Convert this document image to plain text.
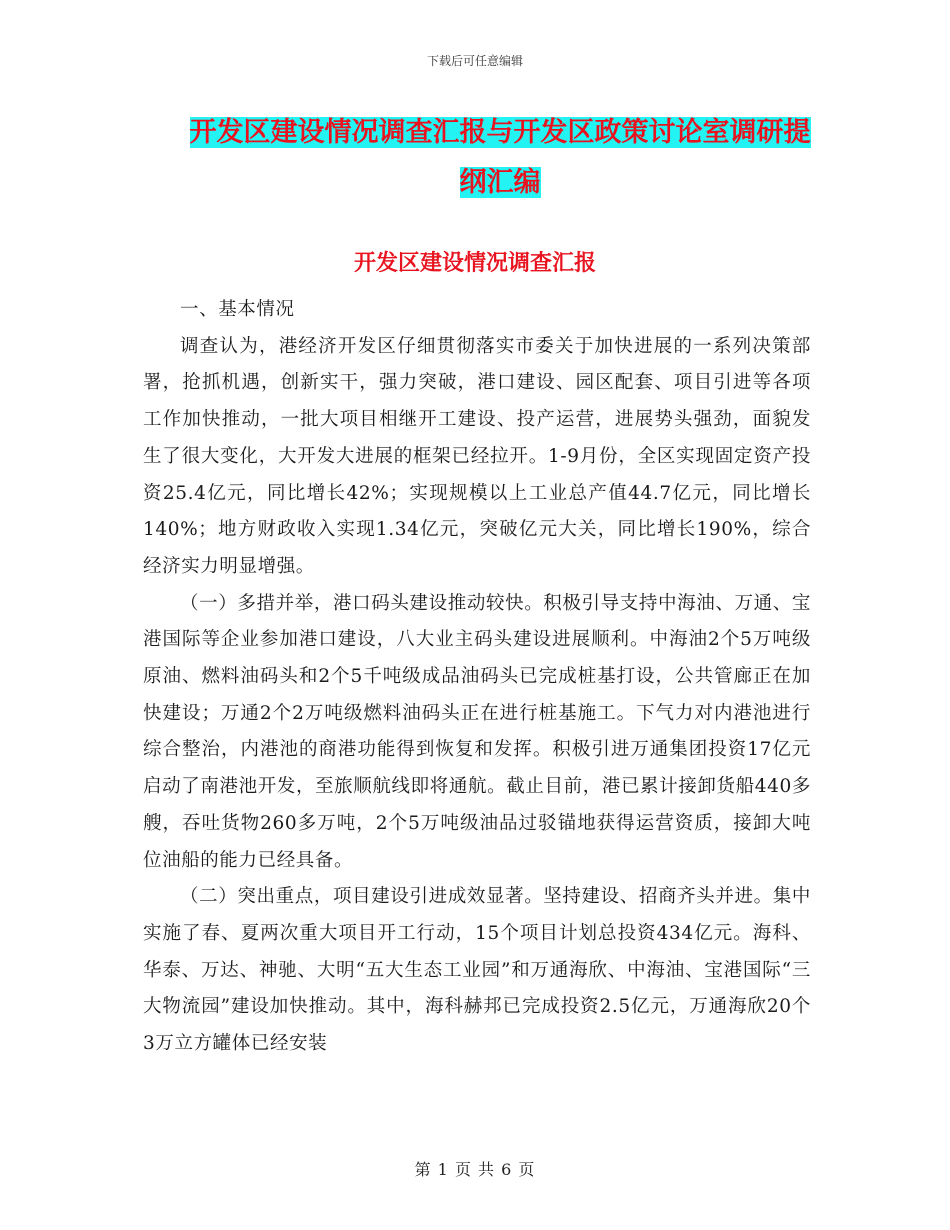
下载后可任意编辑
开发区建设情况调查汇报与开发区政策讨论室调研提
纲汇编
开发区建设情况调查汇报

一、基本情况

调查认为，港经济开发区仔细贯彻落实市委关于加快进展的一系列决策部署，抢抓机遇，创新实干，强力突破，港口建设、园区配套、项目引进等各项工作加快推动，一批大项目相继开工建设、投产运营，进展势头强劲，面貌发生了很大变化，大开发大进展的框架已经拉开。1-9月份，全区实现固定资产投资25.4亿元，同比增长42%；实现规模以上工业总产值44.7亿元，同比增长140%；地方财政收入实现1.34亿元，突破亿元大关，同比增长190%，综合经济实力明显增强。

（一）多措并举，港口码头建设推动较快。积极引导支持中海油、万通、宝港国际等企业参加港口建设，八大业主码头建设进展顺利。中海油2个5万吨级原油、燃料油码头和2个5千吨级成品油码头已完成桩基打设，公共管廊正在加快建设；万通2个2万吨级燃料油码头正在进行桩基施工。下气力对内港池进行综合整治，内港池的商港功能得到恢复和发挥。积极引进万通集团投资17亿元启动了南港池开发，至旅顺航线即将通航。截止目前，港已累计接卸货船440多艘，吞吐货物260多万吨，2个5万吨级油品过驳锚地获得运营资质，接卸大吨位油船的能力已经具备。

（二）突出重点，项目建设引进成效显著。坚持建设、招商齐头并进。集中实施了春、夏两次重大项目开工行动，15个项目计划总投资434亿元。海科、华泰、万达、神驰、大明“五大生态工业园”和万通海欣、中海油、宝港国际“三大物流园”建设加快推动。其中，海科赫邦已完成投资2.5亿元，万通海欣20个3万立方罐体已经安装

第 1 页 共 6 页
